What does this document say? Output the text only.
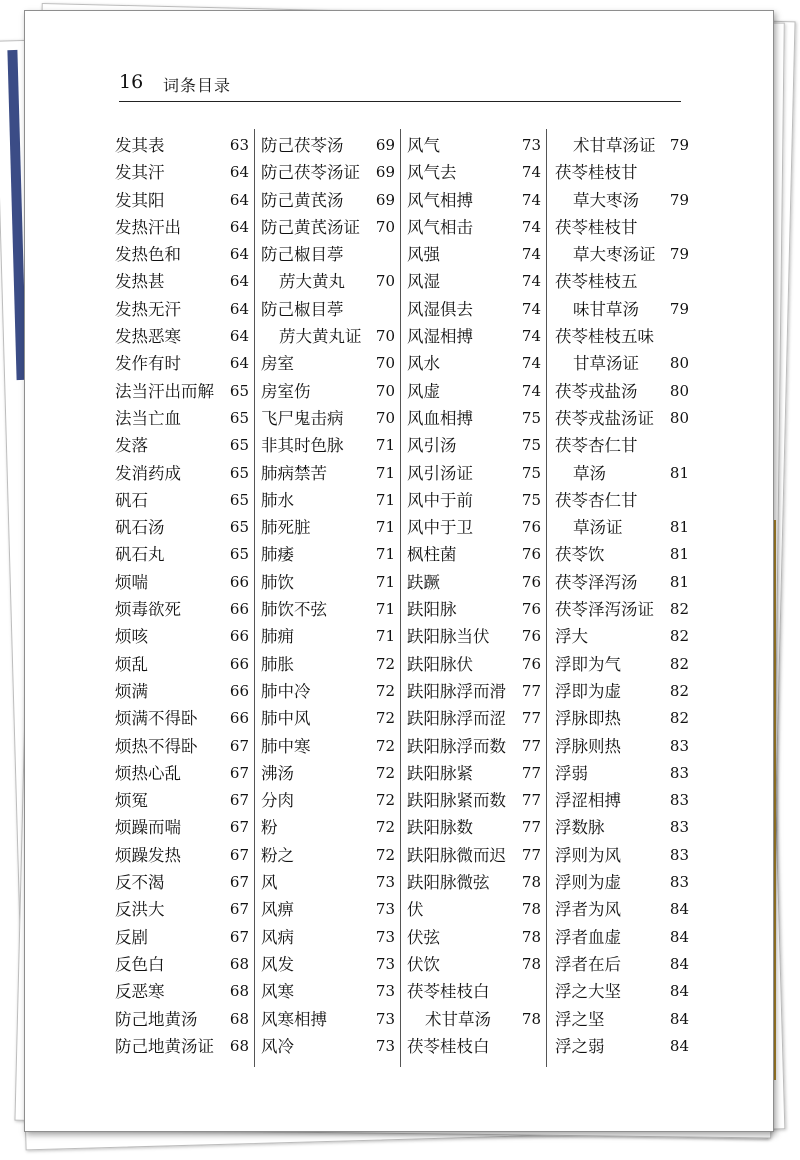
16 词条目录
发其表	63
发其汗	64
发其阳	64
发热汗出	64
发热色和	64
发热甚	64
发热无汗	64
发热恶寒	64
发作有时	64
法当汗出而解 65
法当亡血	65
发落	65
发消药成	65
矾石	65
矾石汤	65
矾石丸	65
烦喘	66
烦毒欲死	66
烦咳	66
烦乱	66
烦满	66
烦满不得卧 66
烦热不得卧 67
烦热心乱	67
烦冤	67
烦躁而喘	67
烦躁发热	67
反不渴	67
反洪大	67
反剧	67
反色白	68
反恶寒	68
防己地黄汤 68
防己地黄汤证 68
防己茯苓汤 69
防己茯苓汤证 69
防己黄芪汤 69
防己黄芪汤证 70
防己椒目葶
苈大黄丸 70
防己椒目葶
苈大黄丸证 70
房室	70
房室伤	70
飞尸鬼击病 70
非其时色脉 71
肺病禁苦	71
肺水	71
肺死脏	71
肺痿	71
肺饮	71
肺饮不弦	71
肺痈	71
肺胀	72
肺中冷	72
肺中风	72
肺中寒	72
沸汤	72
分肉	72
粉	72
粉之	72
风	73
风痹	73
风病	73
风发	73
风寒	73
风寒相搏	73
风冷	73
风气	73
风气去	74
风气相搏	74
风气相击	74
风强	74
风湿	74
风湿俱去	74
风湿相搏	74
风水	74
风虚	74
风血相搏	75
风引汤	75
风引汤证	75
风中于前	75
风中于卫	76
枫柱菌	76
趺蹶	76
趺阳脉	76
趺阳脉当伏 76
趺阳脉伏	76
趺阳脉浮而滑 77
趺阳脉浮而涩 77
趺阳脉浮而数 77
趺阳脉紧	77
趺阳脉紧而数 77
趺阳脉数	77
趺阳脉微而迟 77
趺阳脉微弦 78
伏	78
伏弦	78
伏饮	78
茯苓桂枝白
术甘草汤 78
茯苓桂枝白
术甘草汤证 79
茯苓桂枝甘
草大枣汤 79
茯苓桂枝甘
草大枣汤证 79
茯苓桂枝五
味甘草汤 79
茯苓桂枝五味
甘草汤证 80
茯苓戎盐汤 80
茯苓戎盐汤证 80
茯苓杏仁甘
草汤	81
茯苓杏仁甘
草汤证	81
茯苓饮	81
茯苓泽泻汤 81
茯苓泽泻汤证 82
浮大	82
浮即为气	82
浮即为虚	82
浮脉即热	82
浮脉则热	83
浮弱	83
浮涩相搏	83
浮数脉	83
浮则为风	83
浮则为虚	83
浮者为风	84
浮者血虚	84
浮者在后	84
浮之大坚	84
浮之坚	84
浮之弱	84
